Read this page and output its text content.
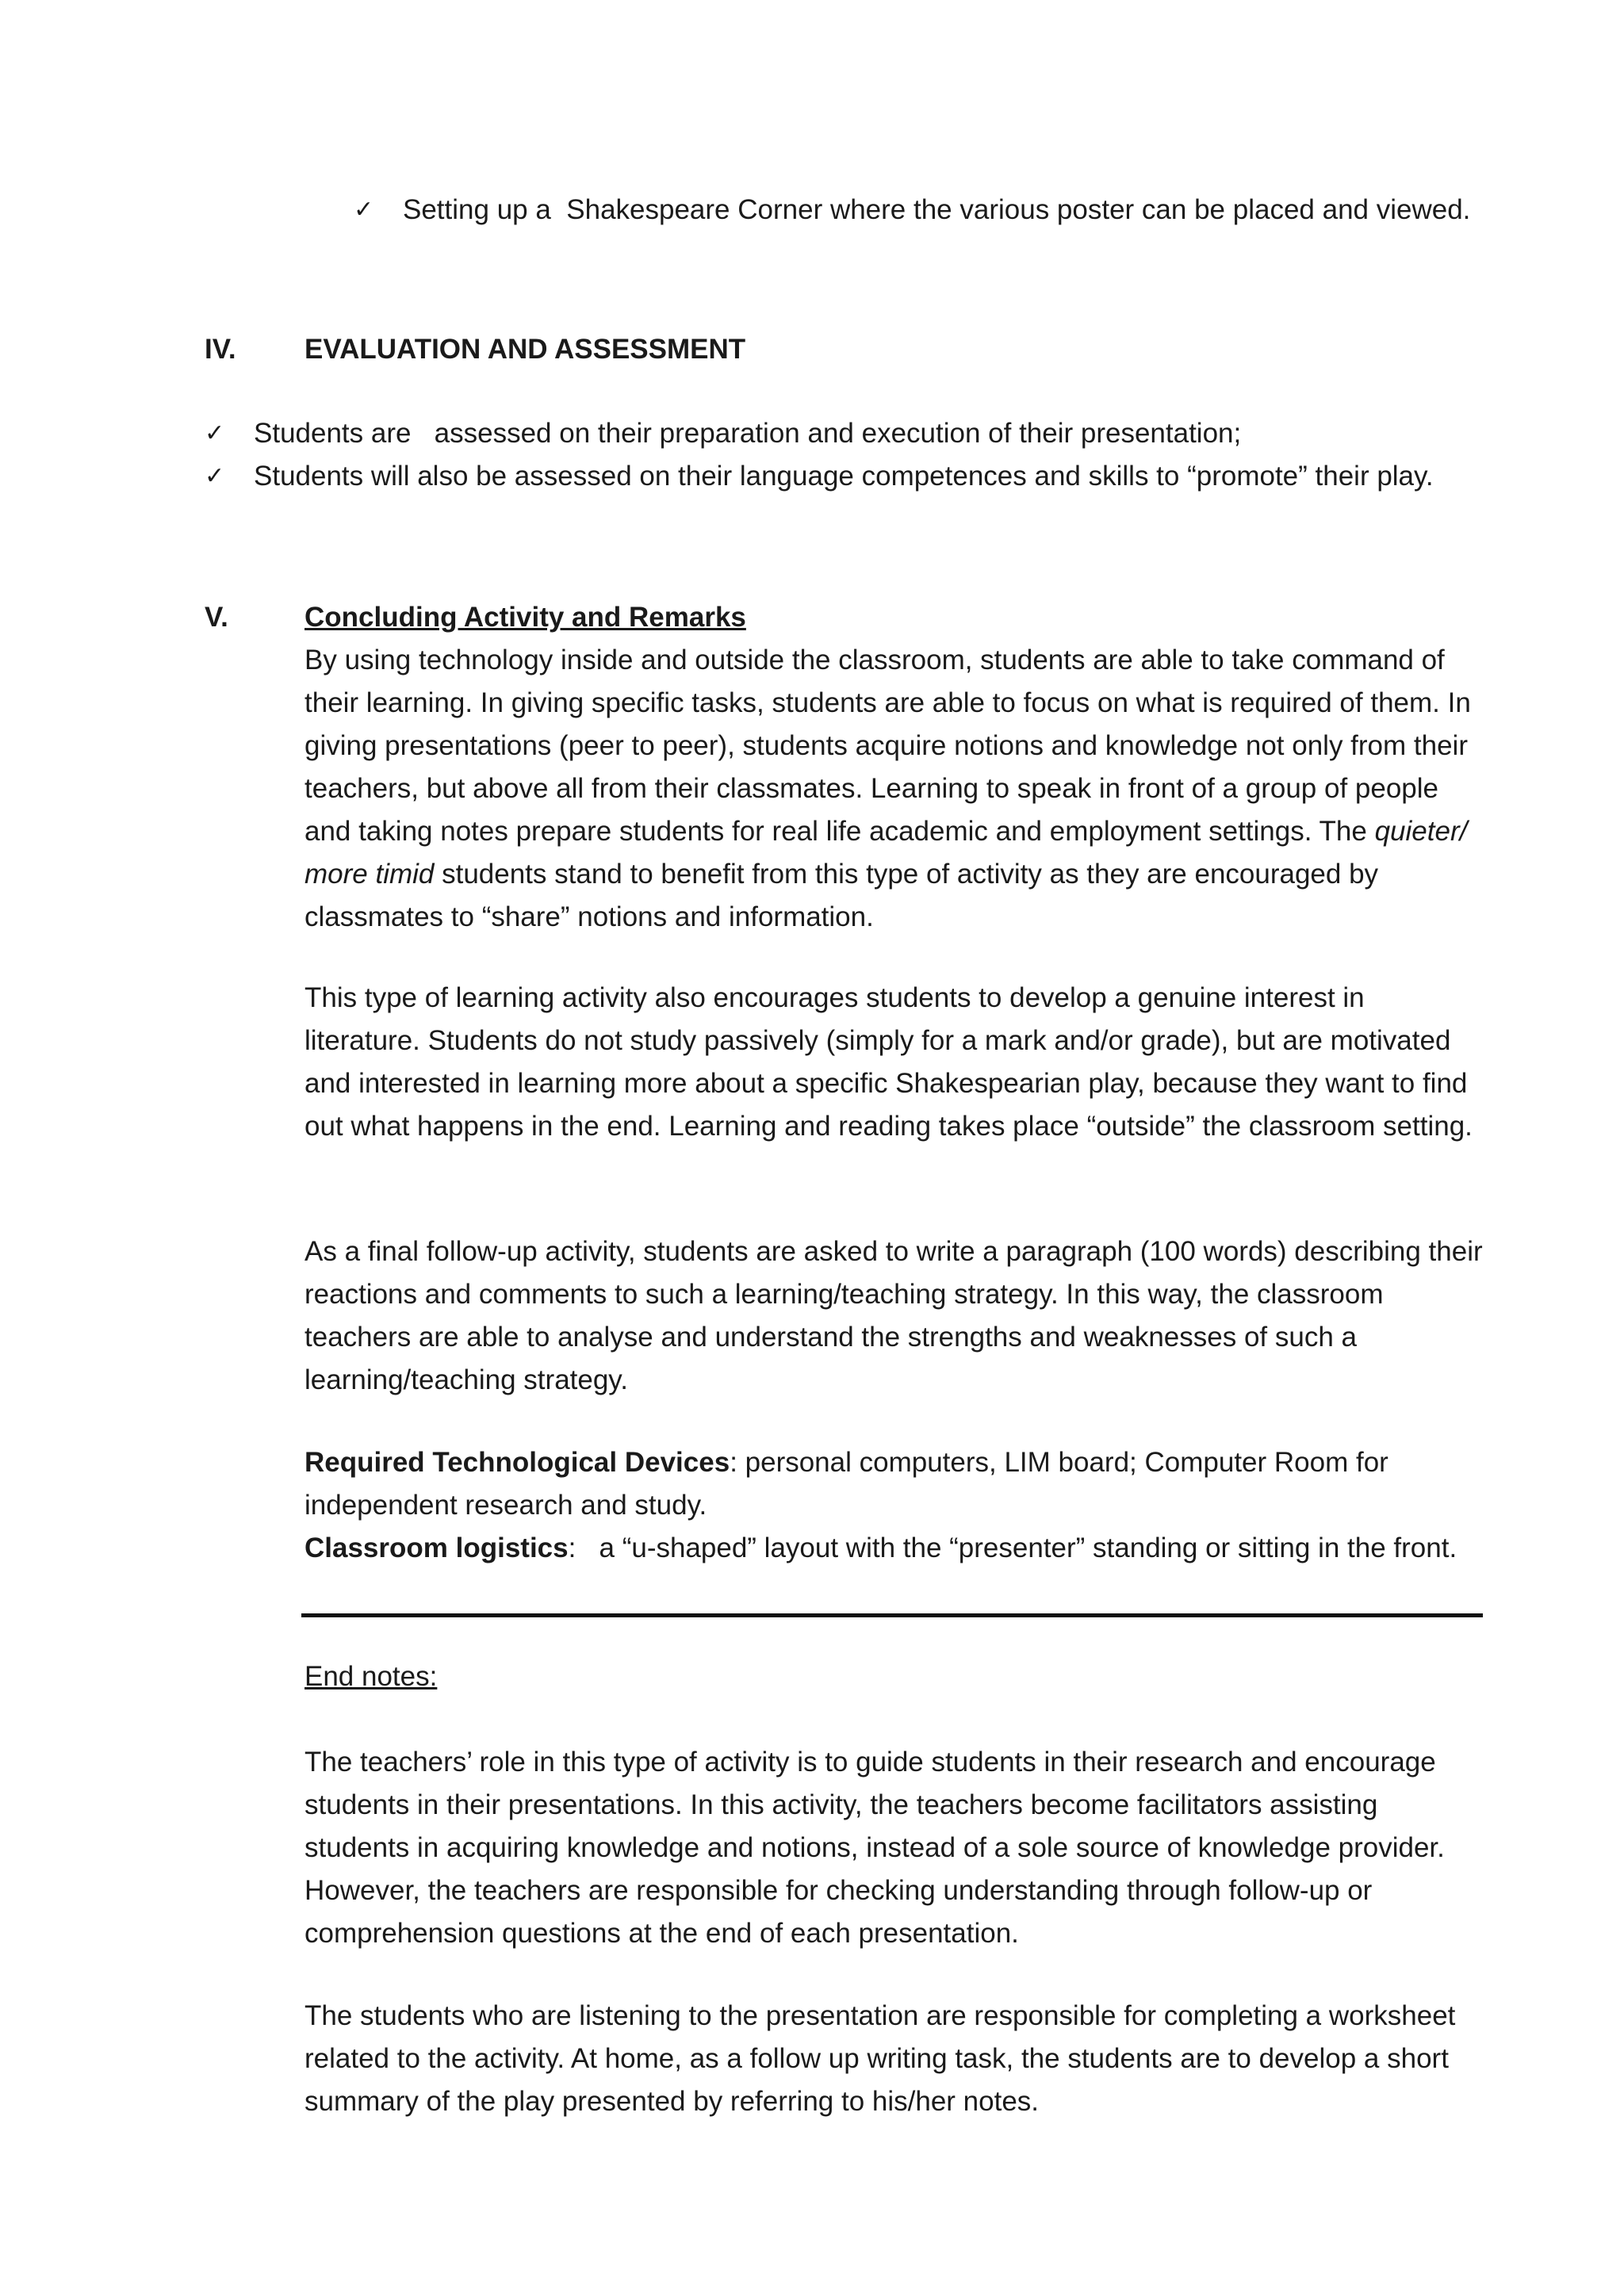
✓ Setting up a  Shakespeare Corner where the various poster can be placed and viewed.
IV. EVALUATION AND ASSESSMENT
✓ Students are   assessed on their preparation and execution of their presentation;
✓ Students will also be assessed on their language competences and skills to “promote” their play.
V.	Concluding Activity and Remarks

By using technology inside and outside the classroom, students are able to take command of their learning. In giving specific tasks, students are able to focus on what is required of them. In giving presentations (peer to peer), students acquire notions and knowledge not only from their teachers, but above all from their classmates. Learning to speak in front of a group of people and taking notes prepare students for real life academic and employment settings. The quieter/ more timid students stand to benefit from this type of activity as they are encouraged by classmates to “share” notions and information.

This type of learning activity also encourages students to develop a genuine interest in literature. Students do not study passively (simply for a mark and/or grade), but are motivated and interested in learning more about a specific Shakespearian play, because they want to find out what happens in the end. Learning and reading takes place “outside” the classroom setting.

As a final follow-up activity, students are asked to write a paragraph (100 words) describing their reactions and comments to such a learning/teaching strategy. In this way, the classroom teachers are able to analyse and understand the strengths and weaknesses of such a learning/teaching strategy.

Required Technological Devices: personal computers, LIM board; Computer Room for independent research and study.

Classroom logistics:   a “u-shaped” layout with the “presenter” standing or sitting in the front.

End notes:

The teachers’ role in this type of activity is to guide students in their research and encourage students in their presentations. In this activity, the teachers become facilitators assisting students in acquiring knowledge and notions, instead of a sole source of knowledge provider. However, the teachers are responsible for checking understanding through follow-up or comprehension questions at the end of each presentation.

The students who are listening to the presentation are responsible for completing a worksheet related to the activity. At home, as a follow up writing task, the students are to develop a short summary of the play presented by referring to his/her notes.
